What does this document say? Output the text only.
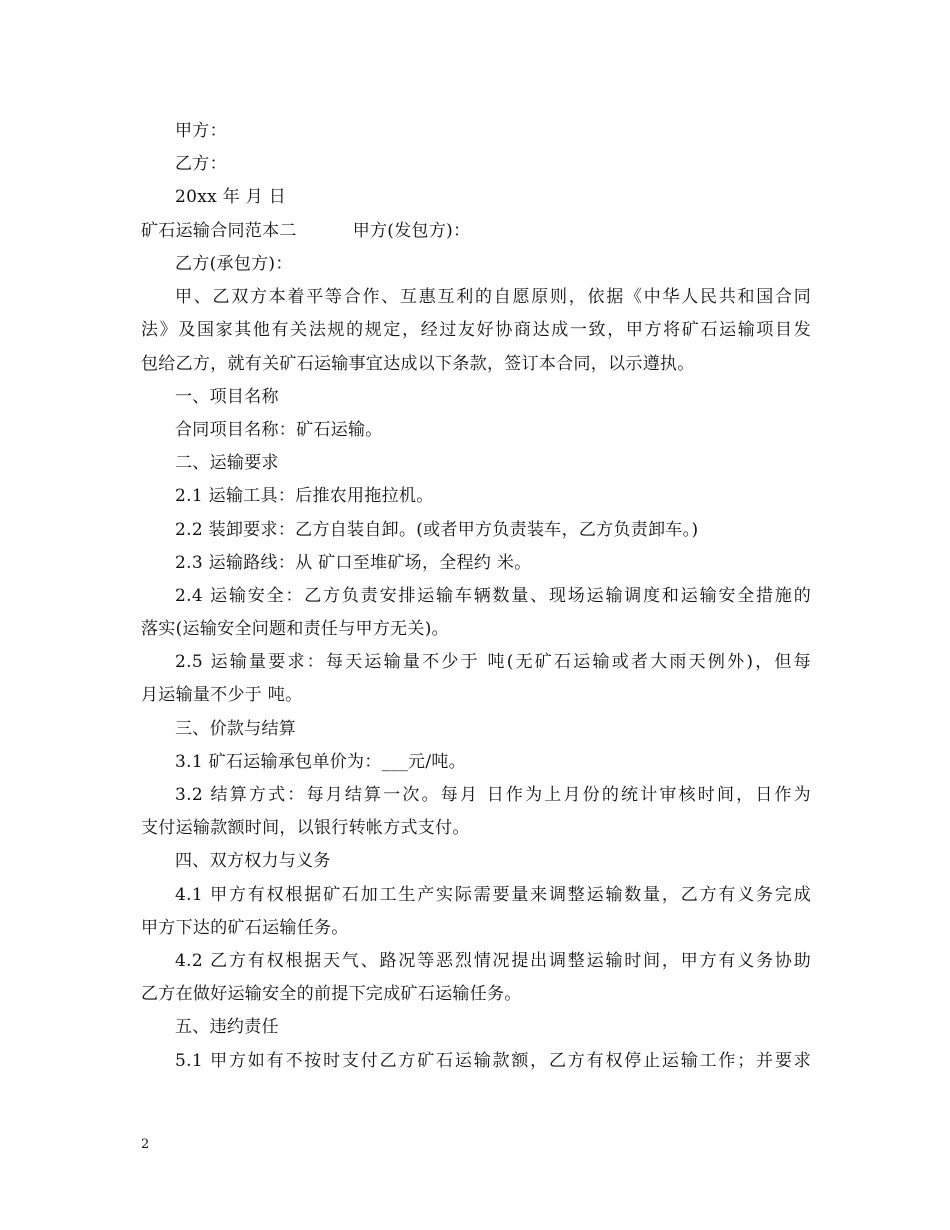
甲方：
乙方：
20xx 年 月 日
矿石运输合同范本二	甲方(发包方)：
乙方(承包方)：
甲、乙双方本着平等合作、互惠互利的自愿原则，依据《中华人民共和国合同
法》及国家其他有关法规的规定，经过友好协商达成一致，甲方将矿石运输项目发
包给乙方，就有关矿石运输事宜达成以下条款，签订本合同，以示遵执。
一、项目名称
合同项目名称：矿石运输。
二、运输要求
2.1 运输工具：后推农用拖拉机。
2.2 装卸要求：乙方自装自卸。(或者甲方负责装车，乙方负责卸车。)
2.3 运输路线：从 矿口至堆矿场，全程约 米。
2.4 运输安全：乙方负责安排运输车辆数量、现场运输调度和运输安全措施的
落实(运输安全问题和责任与甲方无关)。
2.5 运输量要求：每天运输量不少于 吨(无矿石运输或者大雨天例外)，但每
月运输量不少于 吨。
三、价款与结算
3.1 矿石运输承包单价为：___元/吨。
3.2 结算方式：每月结算一次。每月 日作为上月份的统计审核时间，日作为
支付运输款额时间，以银行转帐方式支付。
四、双方权力与义务
4.1 甲方有权根据矿石加工生产实际需要量来调整运输数量，乙方有义务完成
甲方下达的矿石运输任务。
4.2 乙方有权根据天气、路况等恶烈情况提出调整运输时间，甲方有义务协助
乙方在做好运输安全的前提下完成矿石运输任务。
五、违约责任
5.1 甲方如有不按时支付乙方矿石运输款额，乙方有权停止运输工作；并要求
2
